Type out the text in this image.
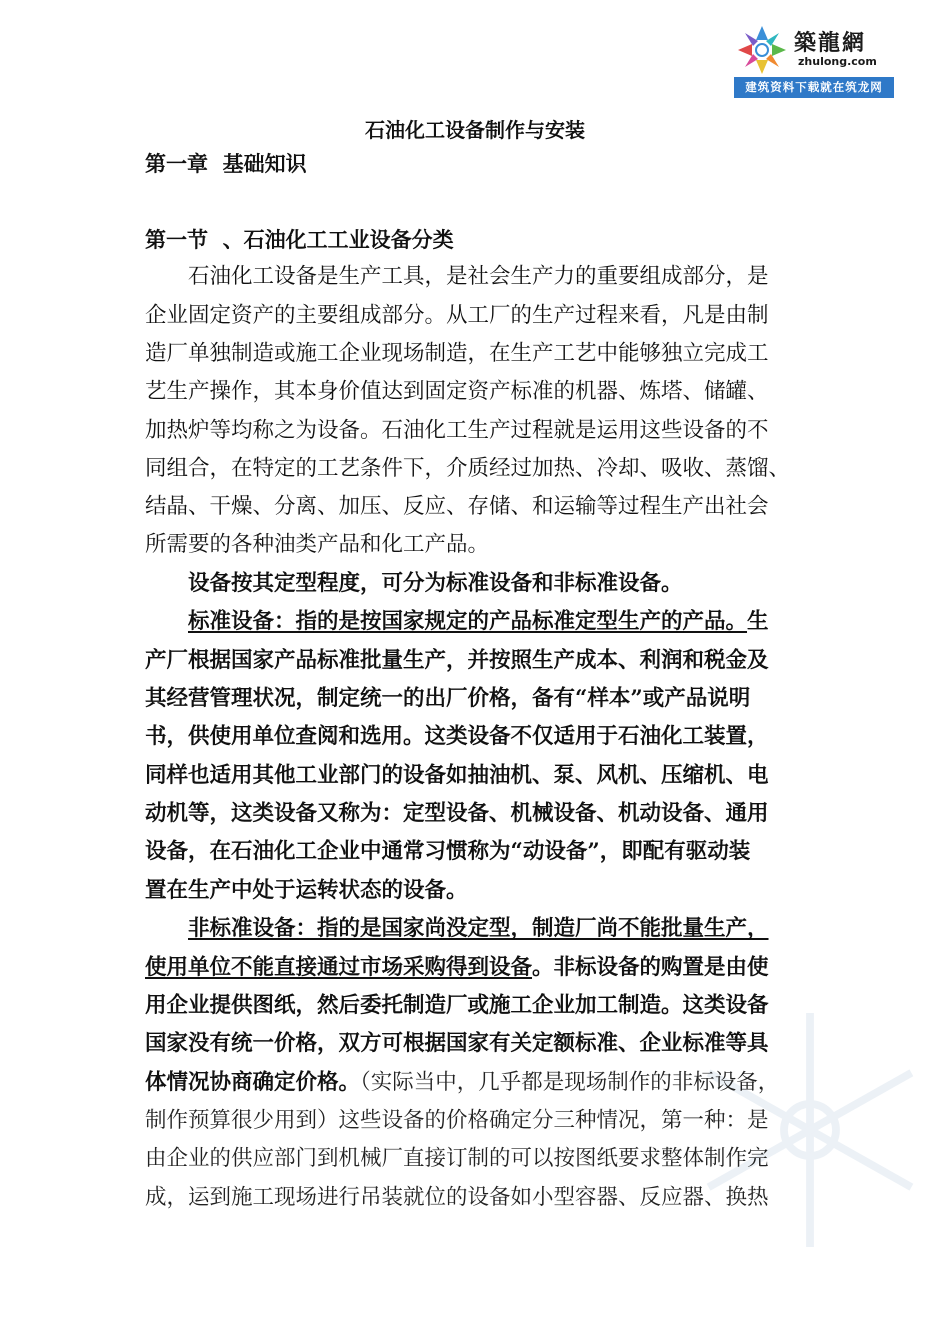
築龍網
zhulong.com
建筑资料下载就在筑龙网
石油化工设备制作与安装
第一章  基础知识
第一节  、石油化工工业设备分类
石油化工设备是生产工具，是社会生产力的重要组成部分，是
企业固定资产的主要组成部分。从工厂的生产过程来看，凡是由制
造厂单独制造或施工企业现场制造，在生产工艺中能够独立完成工
艺生产操作，其本身价值达到固定资产标准的机器、炼塔、储罐、
加热炉等均称之为设备。石油化工生产过程就是运用这些设备的不
同组合，在特定的工艺条件下，介质经过加热、冷却、吸收、蒸馏、
结晶、干燥、分离、加压、反应、存储、和运输等过程生产出社会
所需要的各种油类产品和化工产品。
设备按其定型程度，可分为标准设备和非标准设备。
标准设备：指的是按国家规定的产品标准定型生产的产品。生
产厂根据国家产品标准批量生产，并按照生产成本、利润和税金及
其经营管理状况，制定统一的出厂价格，备有“样本”或产品说明
书，供使用单位查阅和选用。这类设备不仅适用于石油化工装置，
同样也适用其他工业部门的设备如抽油机、泵、风机、压缩机、电
动机等，这类设备又称为：定型设备、机械设备、机动设备、通用
设备，在石油化工企业中通常习惯称为“动设备”，即配有驱动装
置在生产中处于运转状态的设备。
非标准设备：指的是国家尚没定型，制造厂尚不能批量生产，
使用单位不能直接通过市场采购得到设备。非标设备的购置是由使
用企业提供图纸，然后委托制造厂或施工企业加工制造。这类设备
国家没有统一价格，双方可根据国家有关定额标准、企业标准等具
体情况协商确定价格。（实际当中，几乎都是现场制作的非标设备，
制作预算很少用到）这些设备的价格确定分三种情况，第一种：是
由企业的供应部门到机械厂直接订制的可以按图纸要求整体制作完
成，运到施工现场进行吊装就位的设备如小型容器、反应器、换热
